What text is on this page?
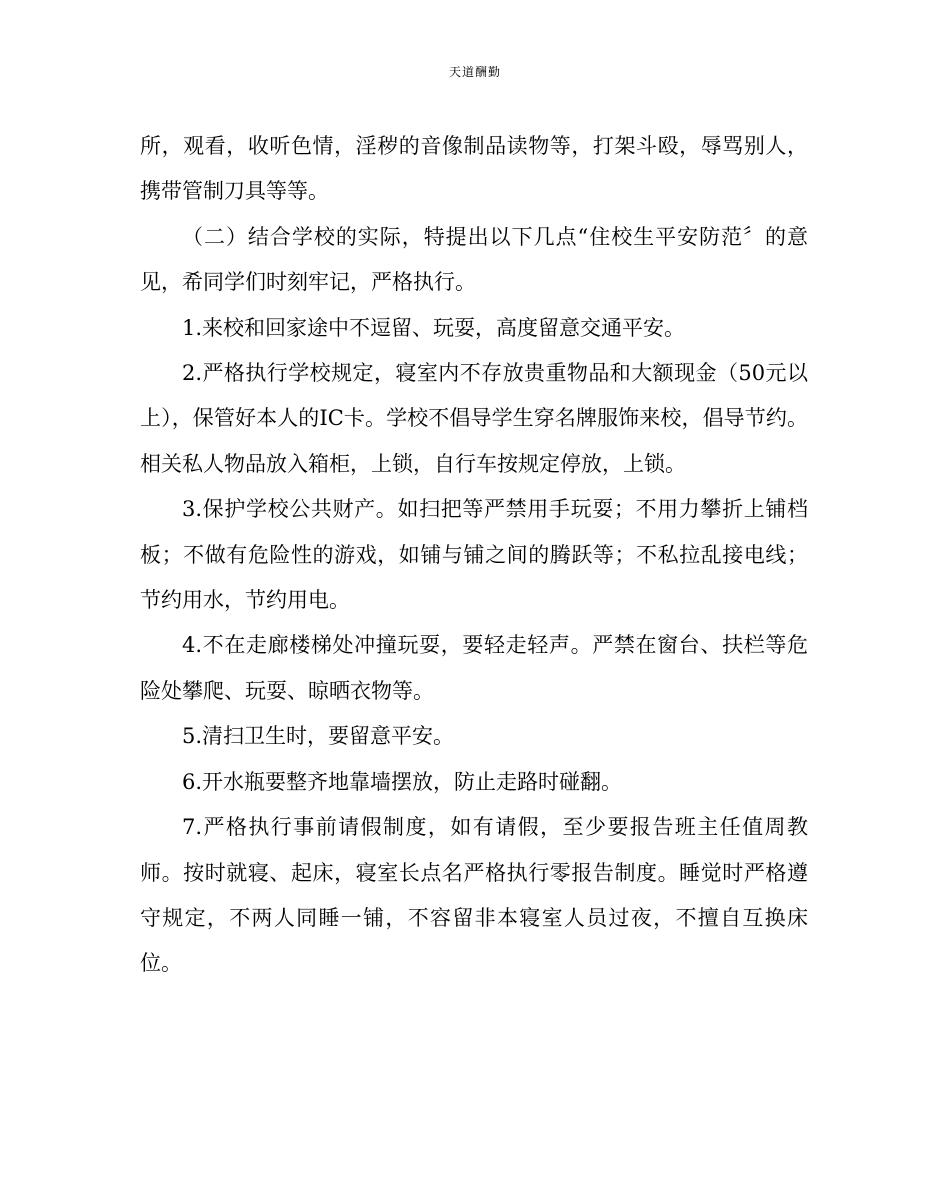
天道酬勤

所，观看，收听色情，淫秽的音像制品读物等，打架斗殴，辱骂别人，携带管制刀具等等。

（二）结合学校的实际，特提出以下几点“住校生平安防范〞的意见，希同学们时刻牢记，严格执行。

1.来校和回家途中不逗留、玩耍，高度留意交通平安。

2.严格执行学校规定，寝室内不存放贵重物品和大额现金（50元以上），保管好本人的IC卡。学校不倡导学生穿名牌服饰来校，倡导节约。相关私人物品放入箱柜，上锁，自行车按规定停放，上锁。

3.保护学校公共财产。如扫把等严禁用手玩耍；不用力攀折上铺档板；不做有危险性的游戏，如铺与铺之间的腾跃等；不私拉乱接电线；节约用水，节约用电。

4.不在走廊楼梯处冲撞玩耍，要轻走轻声。严禁在窗台、扶栏等危险处攀爬、玩耍、晾晒衣物等。

5.清扫卫生时，要留意平安。

6.开水瓶要整齐地靠墙摆放，防止走路时碰翻。

7.严格执行事前请假制度，如有请假，至少要报告班主任值周教师。按时就寝、起床，寝室长点名严格执行零报告制度。睡觉时严格遵守规定，不两人同睡一铺，不容留非本寝室人员过夜，不擅自互换床位。
